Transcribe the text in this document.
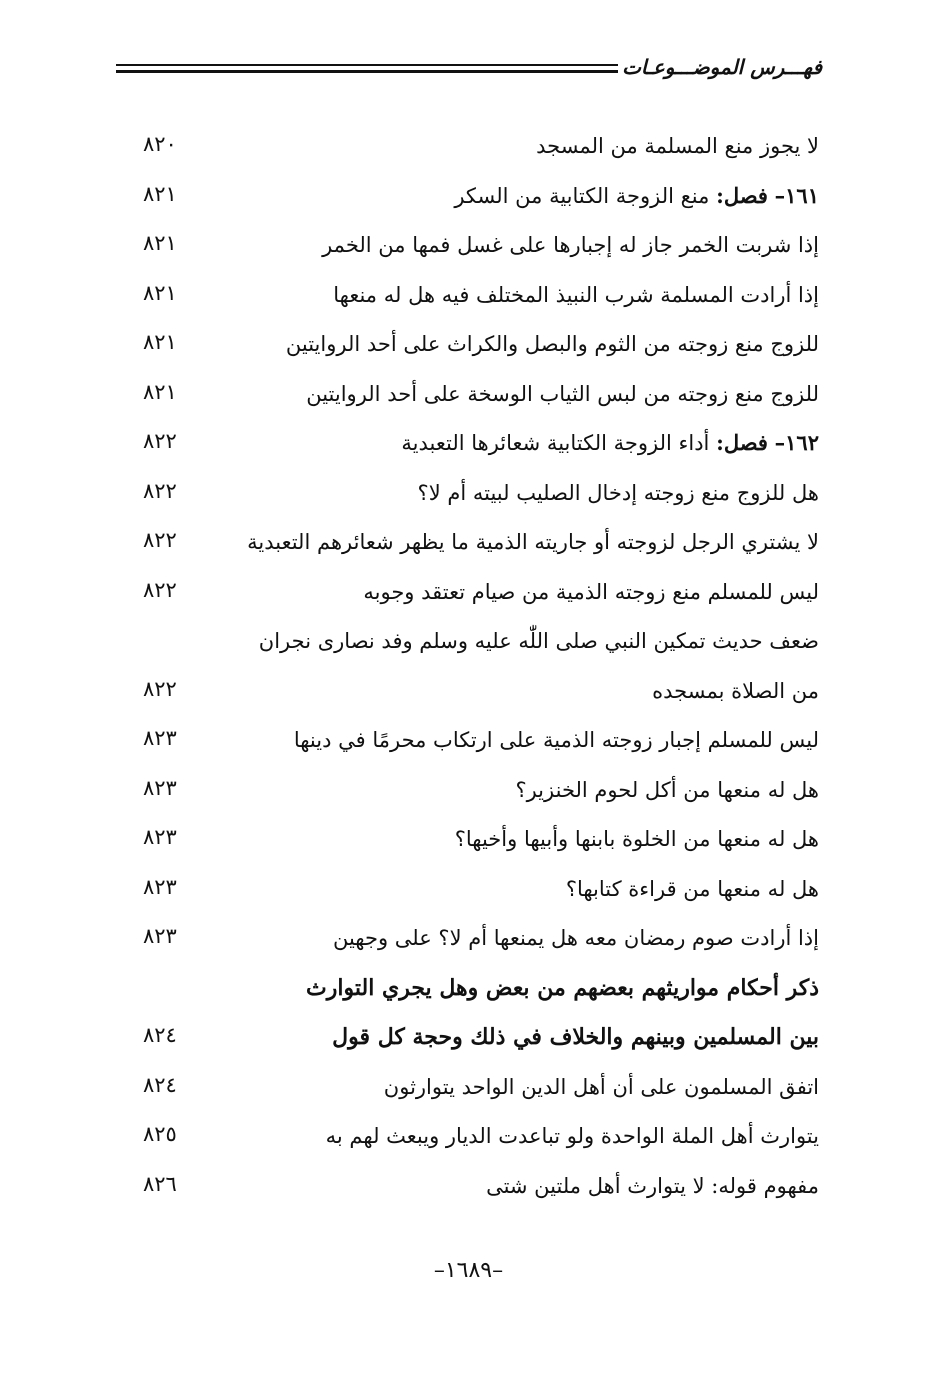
فهـــرس الموضـــوعـات
لا يجوز منع المسلمة من المسجد
٨٢٠
١٦١– فصل: منع الزوجة الكتابية من السكر
٨٢١
إذا شربت الخمر جاز له إجبارها على غسل فمها من الخمر
٨٢١
إذا أرادت المسلمة شرب النبيذ المختلف فيه هل له منعها
٨٢١
للزوج منع زوجته من الثوم والبصل والكراث على أحد الروايتين
٨٢١
للزوج منع زوجته من لبس الثياب الوسخة على أحد الروايتين
٨٢١
١٦٢– فصل: أداء الزوجة الكتابية شعائرها التعبدية
٨٢٢
هل للزوج منع زوجته إدخال الصليب لبيته أم لا؟
٨٢٢
لا يشتري الرجل لزوجته أو جاريته الذمية ما يظهر شعائرهم التعبدية
٨٢٢
ليس للمسلم منع زوجته الذمية من صيام تعتقد وجوبه
٨٢٢
ضعف حديث تمكين النبي صلى اللّٰه عليه وسلم وفد نصارى نجران
من الصلاة بمسجده
٨٢٢
ليس للمسلم إجبار زوجته الذمية على ارتكاب محرمًا في دينها
٨٢٣
هل له منعها من أكل لحوم الخنزير؟
٨٢٣
هل له منعها من الخلوة بابنها وأبيها وأخيها؟
٨٢٣
هل له منعها من قراءة كتابها؟
٨٢٣
إذا أرادت صوم رمضان معه هل يمنعها أم لا؟ على وجهين
٨٢٣
ذكر أحكام مواريثهم بعضهم من بعض وهل يجري التوارث
بين المسلمين وبينهم والخلاف في ذلك وحجة كل قول
٨٢٤
اتفق المسلمون على أن أهل الدين الواحد يتوارثون
٨٢٤
يتوارث أهل الملة الواحدة ولو تباعدت الديار ويبعث لهم به
٨٢٥
مفهوم قوله: لا يتوارث أهل ملتين شتى
٨٢٦
–١٦٨٩–
